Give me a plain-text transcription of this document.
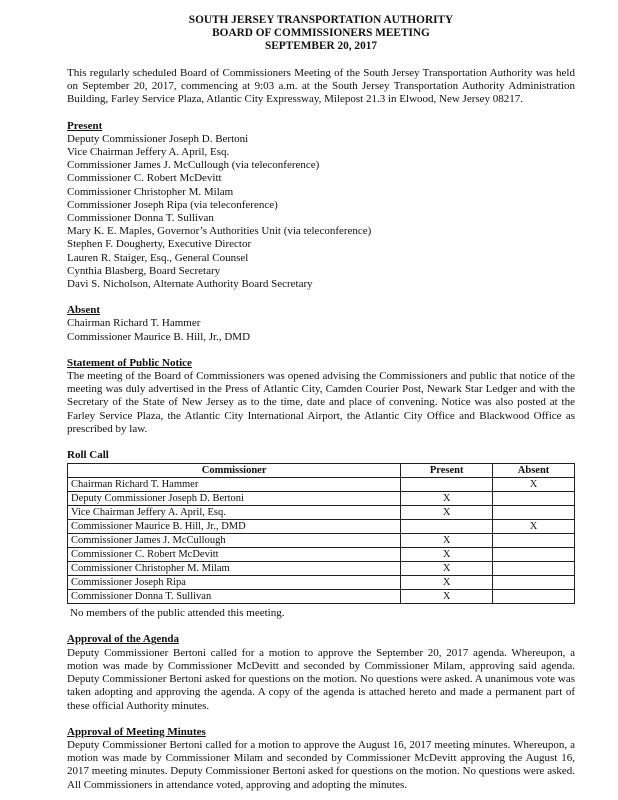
SOUTH JERSEY TRANSPORTATION AUTHORITY
BOARD OF COMMISSIONERS MEETING
SEPTEMBER 20, 2017
This regularly scheduled Board of Commissioners Meeting of the South Jersey Transportation Authority was held on September 20, 2017, commencing at 9:03 a.m. at the South Jersey Transportation Authority Administration Building, Farley Service Plaza, Atlantic City Expressway, Milepost 21.3 in Elwood, New Jersey 08217.
Present
Deputy Commissioner Joseph D. Bertoni
Vice Chairman Jeffery A. April, Esq.
Commissioner James J. McCullough (via teleconference)
Commissioner C. Robert McDevitt
Commissioner Christopher M. Milam
Commissioner Joseph Ripa (via teleconference)
Commissioner Donna T. Sullivan
Mary K. E. Maples, Governor’s Authorities Unit (via teleconference)
Stephen F. Dougherty, Executive Director
Lauren R. Staiger, Esq., General Counsel
Cynthia Blasberg, Board Secretary
Davi S. Nicholson, Alternate Authority Board Secretary
Absent
Chairman Richard T. Hammer
Commissioner Maurice B. Hill, Jr., DMD
Statement of Public Notice
The meeting of the Board of Commissioners was opened advising the Commissioners and public that notice of the meeting was duly advertised in the Press of Atlantic City, Camden Courier Post, Newark Star Ledger and with the Secretary of the State of New Jersey as to the time, date and place of convening. Notice was also posted at the Farley Service Plaza, the Atlantic City International Airport, the Atlantic City Office and Blackwood Office as prescribed by law.
Roll Call
Commissioner	Present	Absent
Chairman Richard T. Hammer		X
Deputy Commissioner Joseph D. Bertoni	X	
Vice Chairman Jeffery A. April, Esq.	X	
Commissioner Maurice B. Hill, Jr., DMD		X
Commissioner James J. McCullough	X	
Commissioner C. Robert McDevitt	X	
Commissioner Christopher M. Milam	X	
Commissioner Joseph Ripa	X	
Commissioner Donna T. Sullivan	X	
No members of the public attended this meeting.
Approval of the Agenda
Deputy Commissioner Bertoni called for a motion to approve the September 20, 2017 agenda. Whereupon, a motion was made by Commissioner McDevitt and seconded by Commissioner Milam, approving said agenda. Deputy Commissioner Bertoni asked for questions on the motion. No questions were asked. A unanimous vote was taken adopting and approving the agenda. A copy of the agenda is attached hereto and made a permanent part of these official Authority minutes.
Approval of Meeting Minutes
Deputy Commissioner Bertoni called for a motion to approve the August 16, 2017 meeting minutes. Whereupon, a motion was made by Commissioner Milam and seconded by Commissioner McDevitt approving the August 16, 2017 meeting minutes. Deputy Commissioner Bertoni asked for questions on the motion. No questions were asked. All Commissioners in attendance voted, approving and adopting the minutes.
